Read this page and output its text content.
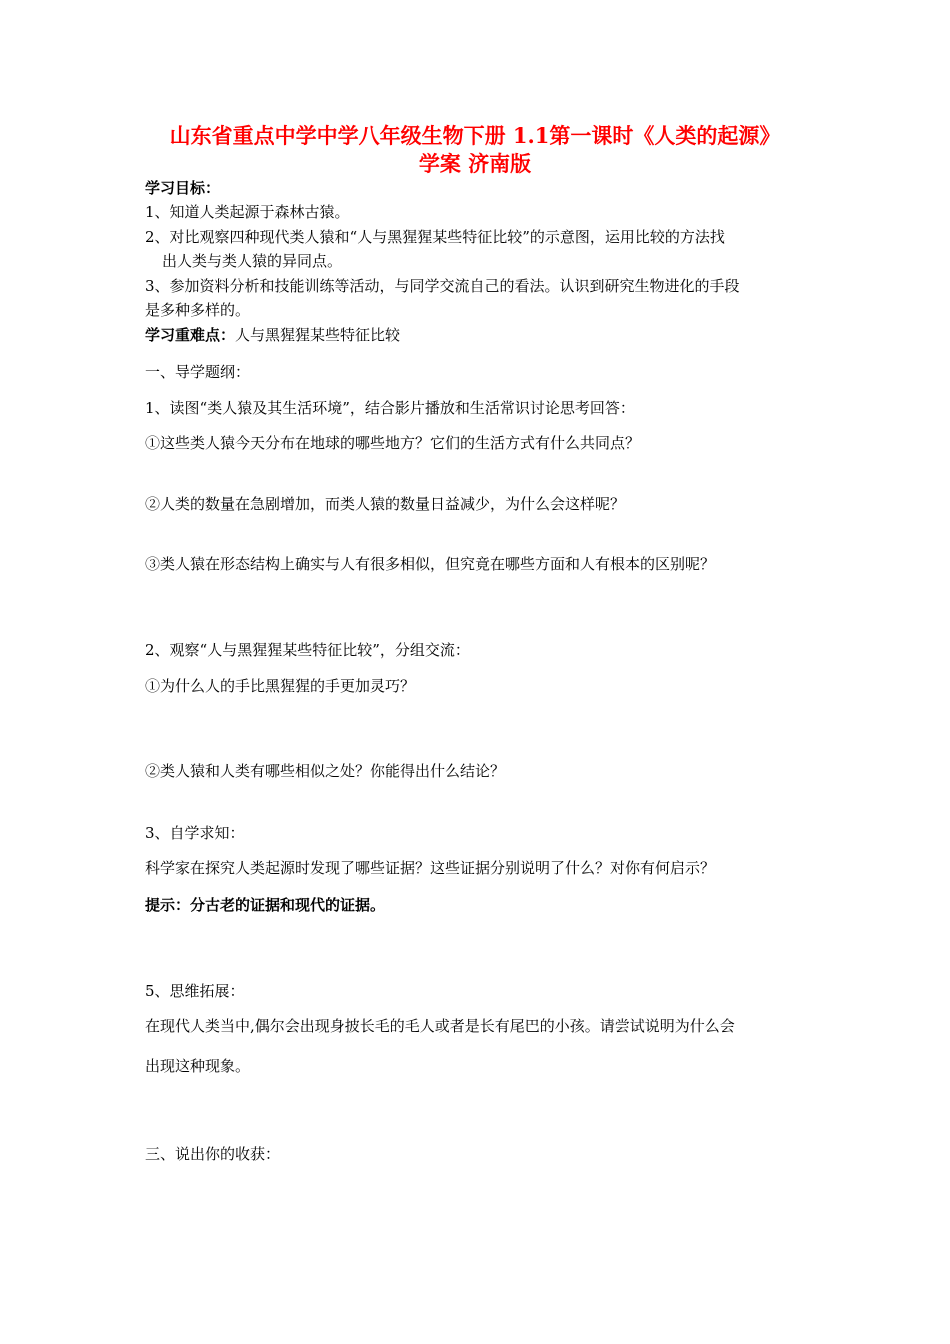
山东省重点中学中学八年级生物下册 1.1第一课时《人类的起源》
学案 济南版
学习目标：
1、知道人类起源于森林古猿。
2、对比观察四种现代类人猿和“人与黑猩猩某些特征比较”的示意图，运用比较的方法找
出人类与类人猿的异同点。
3、参加资料分析和技能训练等活动，与同学交流自己的看法。认识到研究生物进化的手段
是多种多样的。
学习重难点：人与黑猩猩某些特征比较
一、导学题纲：
1、读图“类人猿及其生活环境”，结合影片播放和生活常识讨论思考回答：
①这些类人猿今天分布在地球的哪些地方？它们的生活方式有什么共同点？
②人类的数量在急剧增加，而类人猿的数量日益减少，为什么会这样呢？
③类人猿在形态结构上确实与人有很多相似，但究竟在哪些方面和人有根本的区别呢？
2、观察“人与黑猩猩某些特征比较”，分组交流：
①为什么人的手比黑猩猩的手更加灵巧？
②类人猿和人类有哪些相似之处？你能得出什么结论？
3、自学求知：
科学家在探究人类起源时发现了哪些证据？这些证据分别说明了什么？对你有何启示？
提示：分古老的证据和现代的证据。
5、思维拓展：
在现代人类当中,偶尔会出现身披长毛的毛人或者是长有尾巴的小孩。请尝试说明为什么会
出现这种现象。
三、说出你的收获：
